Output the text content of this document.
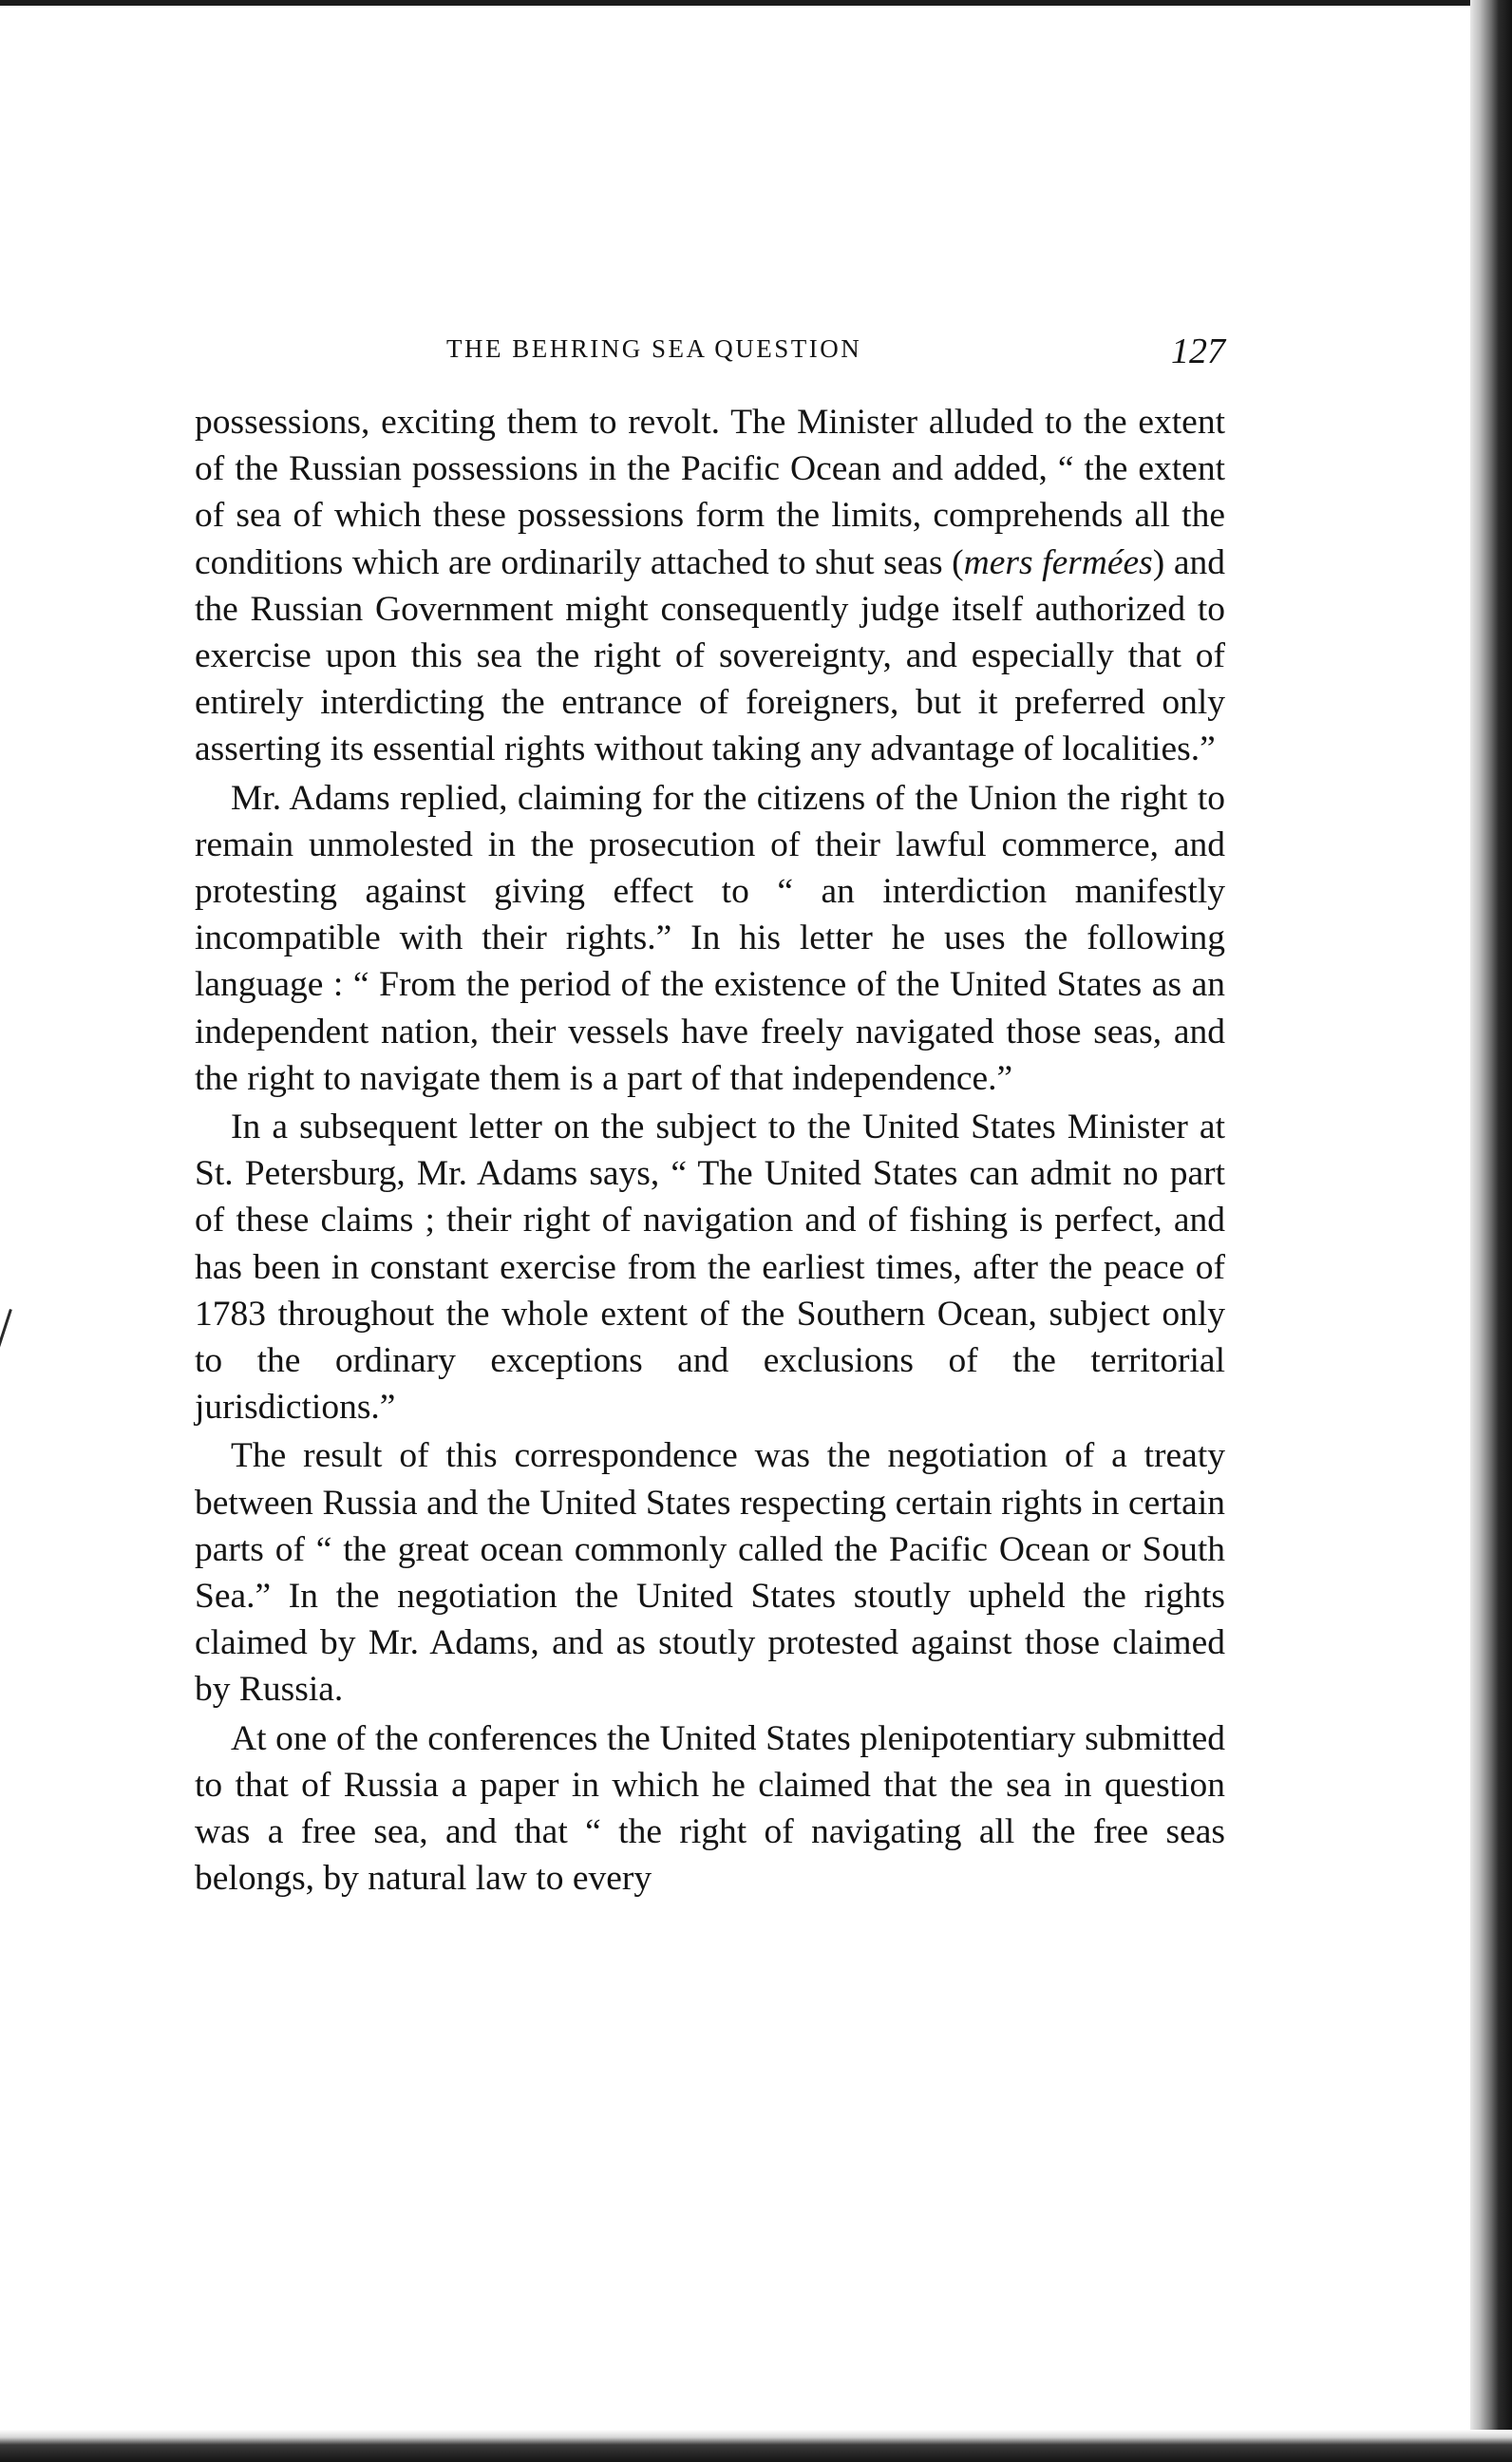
THE BEHRING SEA QUESTION	127

possessions, exciting them to revolt. The Minister alluded to the extent of the Russian possessions in the Pacific Ocean and added, “ the extent of sea of which these possessions form the limits, comprehends all the conditions which are ordinarily attached to shut seas (mers fermées) and the Russian Government might consequently judge itself authorized to exercise upon this sea the right of sovereignty, and especially that of entirely interdicting the entrance of foreigners, but it preferred only asserting its essential rights without taking any advantage of localities.”

Mr. Adams replied, claiming for the citizens of the Union the right to remain unmolested in the prosecution of their lawful commerce, and protesting against giving effect to “ an interdiction manifestly incompatible with their rights.” In his letter he uses the following language : “ From the period of the existence of the United States as an independent nation, their vessels have freely navigated those seas, and the right to navigate them is a part of that independence.”

In a subsequent letter on the subject to the United States Minister at St. Petersburg, Mr. Adams says, “ The United States can admit no part of these claims ; their right of navigation and of fishing is perfect, and has been in constant exercise from the earliest times, after the peace of 1783 throughout the whole extent of the Southern Ocean, subject only to the ordinary exceptions and exclusions of the territorial jurisdictions.”

The result of this correspondence was the negotiation of a treaty between Russia and the United States respecting certain rights in certain parts of “ the great ocean commonly called the Pacific Ocean or South Sea.” In the negotiation the United States stoutly upheld the rights claimed by Mr. Adams, and as stoutly protested against those claimed by Russia.

At one of the conferences the United States plenipotentiary submitted to that of Russia a paper in which he claimed that the sea in question was a free sea, and that “ the right of navigating all the free seas belongs, by natural law to every
